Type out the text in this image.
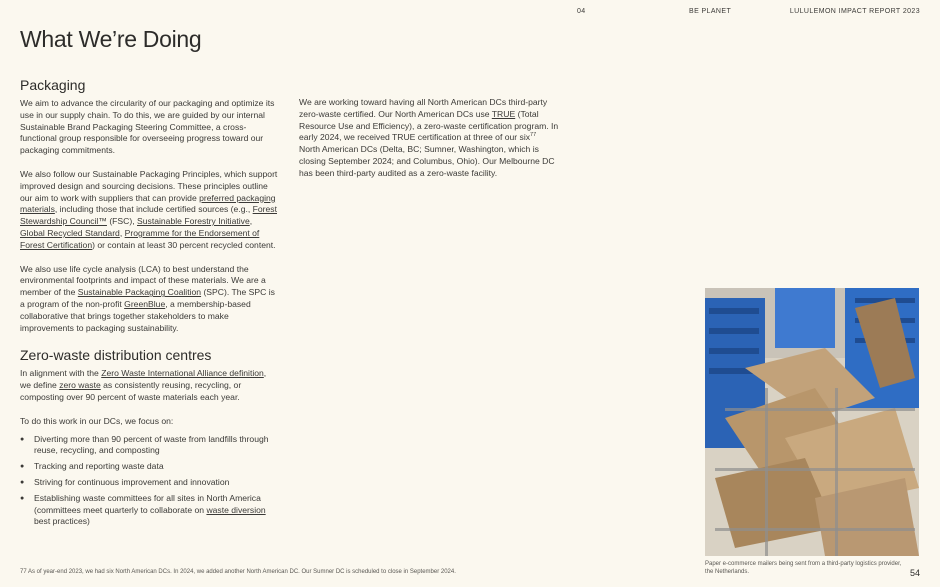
04	BE PLANET	LULULEMON IMPACT REPORT 2023
What We’re Doing
Packaging

We aim to advance the circularity of our packaging and optimize its use in our supply chain. To do this, we are guided by our internal Sustainable Brand Packaging Steering Committee, a cross-functional group responsible for overseeing progress toward our packaging commitments.

We also follow our Sustainable Packaging Principles, which support improved design and sourcing decisions. These principles outline our aim to work with suppliers that can provide preferred packaging materials, including those that include certified sources (e.g., Forest Stewardship Council™ (FSC), Sustainable Forestry Initiative, Global Recycled Standard, Programme for the Endorsement of Forest Certification) or contain at least 30 percent recycled content.

We also use life cycle analysis (LCA) to best understand the environmental footprints and impact of these materials. We are a member of the Sustainable Packaging Coalition (SPC). The SPC is a program of the non-profit GreenBlue, a membership-based collaborative that brings together stakeholders to make improvements to packaging sustainability.

Zero-waste distribution centres

In alignment with the Zero Waste International Alliance definition, we define zero waste as consistently reusing, recycling, or composting over 90 percent of waste materials each year.

To do this work in our DCs, we focus on:

● Diverting more than 90 percent of waste from landfills through reuse, recycling, and composting
● Tracking and reporting waste data
● Striving for continuous improvement and innovation
● Establishing waste committees for all sites in North America (committees meet quarterly to collaborate on waste diversion best practices)

We are working toward having all North American DCs third-party zero-waste certified. Our North American DCs use TRUE (Total Resource Use and Efficiency), a zero-waste certification program. In early 2024, we received TRUE certification at three of our six$^{77}$ North American DCs (Delta, BC; Sumner, Washington, which is closing September 2024; and Columbus, Ohio). Our Melbourne DC has been third-party audited as a zero-waste facility.

Paper e-commerce mailers being sent from a third-party logistics provider, the Netherlands.
77 As of year-end 2023, we had six North American DCs. In 2024, we added another North American DC. Our Sumner DC is scheduled to close in September 2024.	54
